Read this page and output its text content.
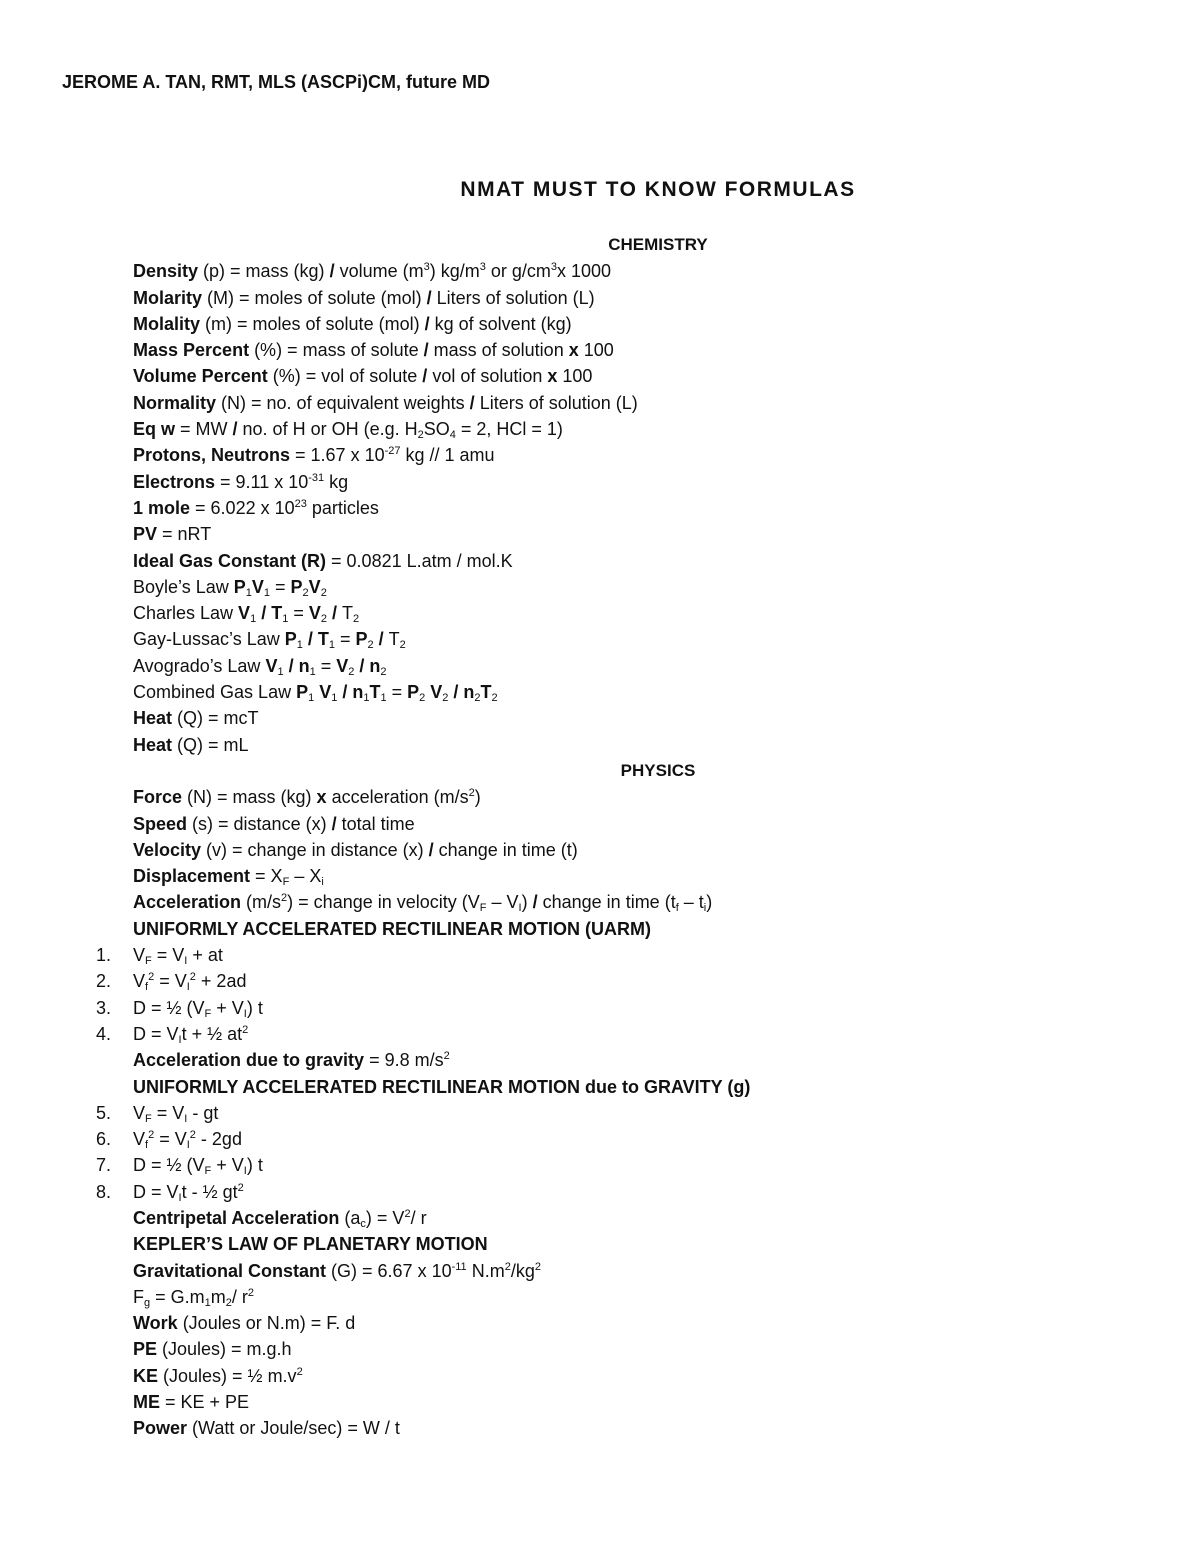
JEROME A. TAN, RMT, MLS (ASCPi)CM, future MD
NMAT MUST TO KNOW FORMULAS
CHEMISTRY
Density (p) = mass (kg) / volume $(m^3)$ $kg/m^3$ or $g/cm^3x$ 1000
Molarity (M) = moles of solute (mol) / Liters of solution (L)
Molality (m) = moles of solute (mol) / kg of solvent (kg)
Mass Percent (%) = mass of solute / mass of solution x 100
Volume Percent (%) = vol of solute / vol of solution x 100
Normality (N) = no. of equivalent weights / Liters of solution (L)
Eq w = MW / no. of H or OH (e.g. $H_2SO_4 = 2$, HCl = 1)
Protons, Neutrons = 1.67 x $10^{-27}$ kg // 1 amu
Electrons = 9.11 x $10^{-31}$ kg
1 mole = 6.022 x $10^{23}$ particles
PV = nRT
Ideal Gas Constant (R) = 0.0821 L.atm / mol.K
Boyle’s Law $P_1V_1 = P_2V_2$
Charles Law $V_1 / T_1 = V_2 / T_2$
Gay-Lussac’s Law $P_1 / T_1 = P_2 / T_2$
Avogrado’s Law $V_1 / n_1 = V_2 / n_2$
Combined Gas Law $P_1$ $V_1 / n_1T_1 = P_2$ $V_2 / n_2T_2$
Heat (Q) = mcT
Heat (Q) = mL
PHYSICS
Force (N) = mass (kg) x acceleration $(m/s^2)$
Speed (s) = distance (x) / total time
Velocity (v) = change in distance (x) / change in time (t)
Displacement = $X_F - X_i$
Acceleration $(m/s^2)$ = change in velocity $(V_F - V_I)$ / change in time $(t_f - t_i)$
UNIFORMLY ACCELERATED RECTILINEAR MOTION (UARM)
1. $V_F = V_I$ + at
2. $V_f^2 = V_I^2 + 2ad$
3. D = ½ $(V_F + V_I)$ t
4. $D = V_It$ + ½ $at^2$
Acceleration due to gravity = 9.8 $m/s^2$
UNIFORMLY ACCELERATED RECTILINEAR MOTION due to GRAVITY (g)
5. $V_F = V_I$ - gt
6. $V_f^2 = V_I^2 - 2gd$
7. D = ½ $(V_F + V_I)$ t
8. $D = V_It$ - ½ $gt^2$
Centripetal Acceleration $(a_c) = V^2/$ r
KEPLER’S LAW OF PLANETARY MOTION
Gravitational Constant (G) = 6.67 x $10^{-11}$ $N.m^2/kg^2$
$F_g = G.m_1m_2/$ $r^2$
Work (Joules or N.m) = F. d
PE (Joules) = m.g.h
KE (Joules) = ½ $m.v^2$
ME = KE + PE
Power (Watt or Joule/sec) = W / t
